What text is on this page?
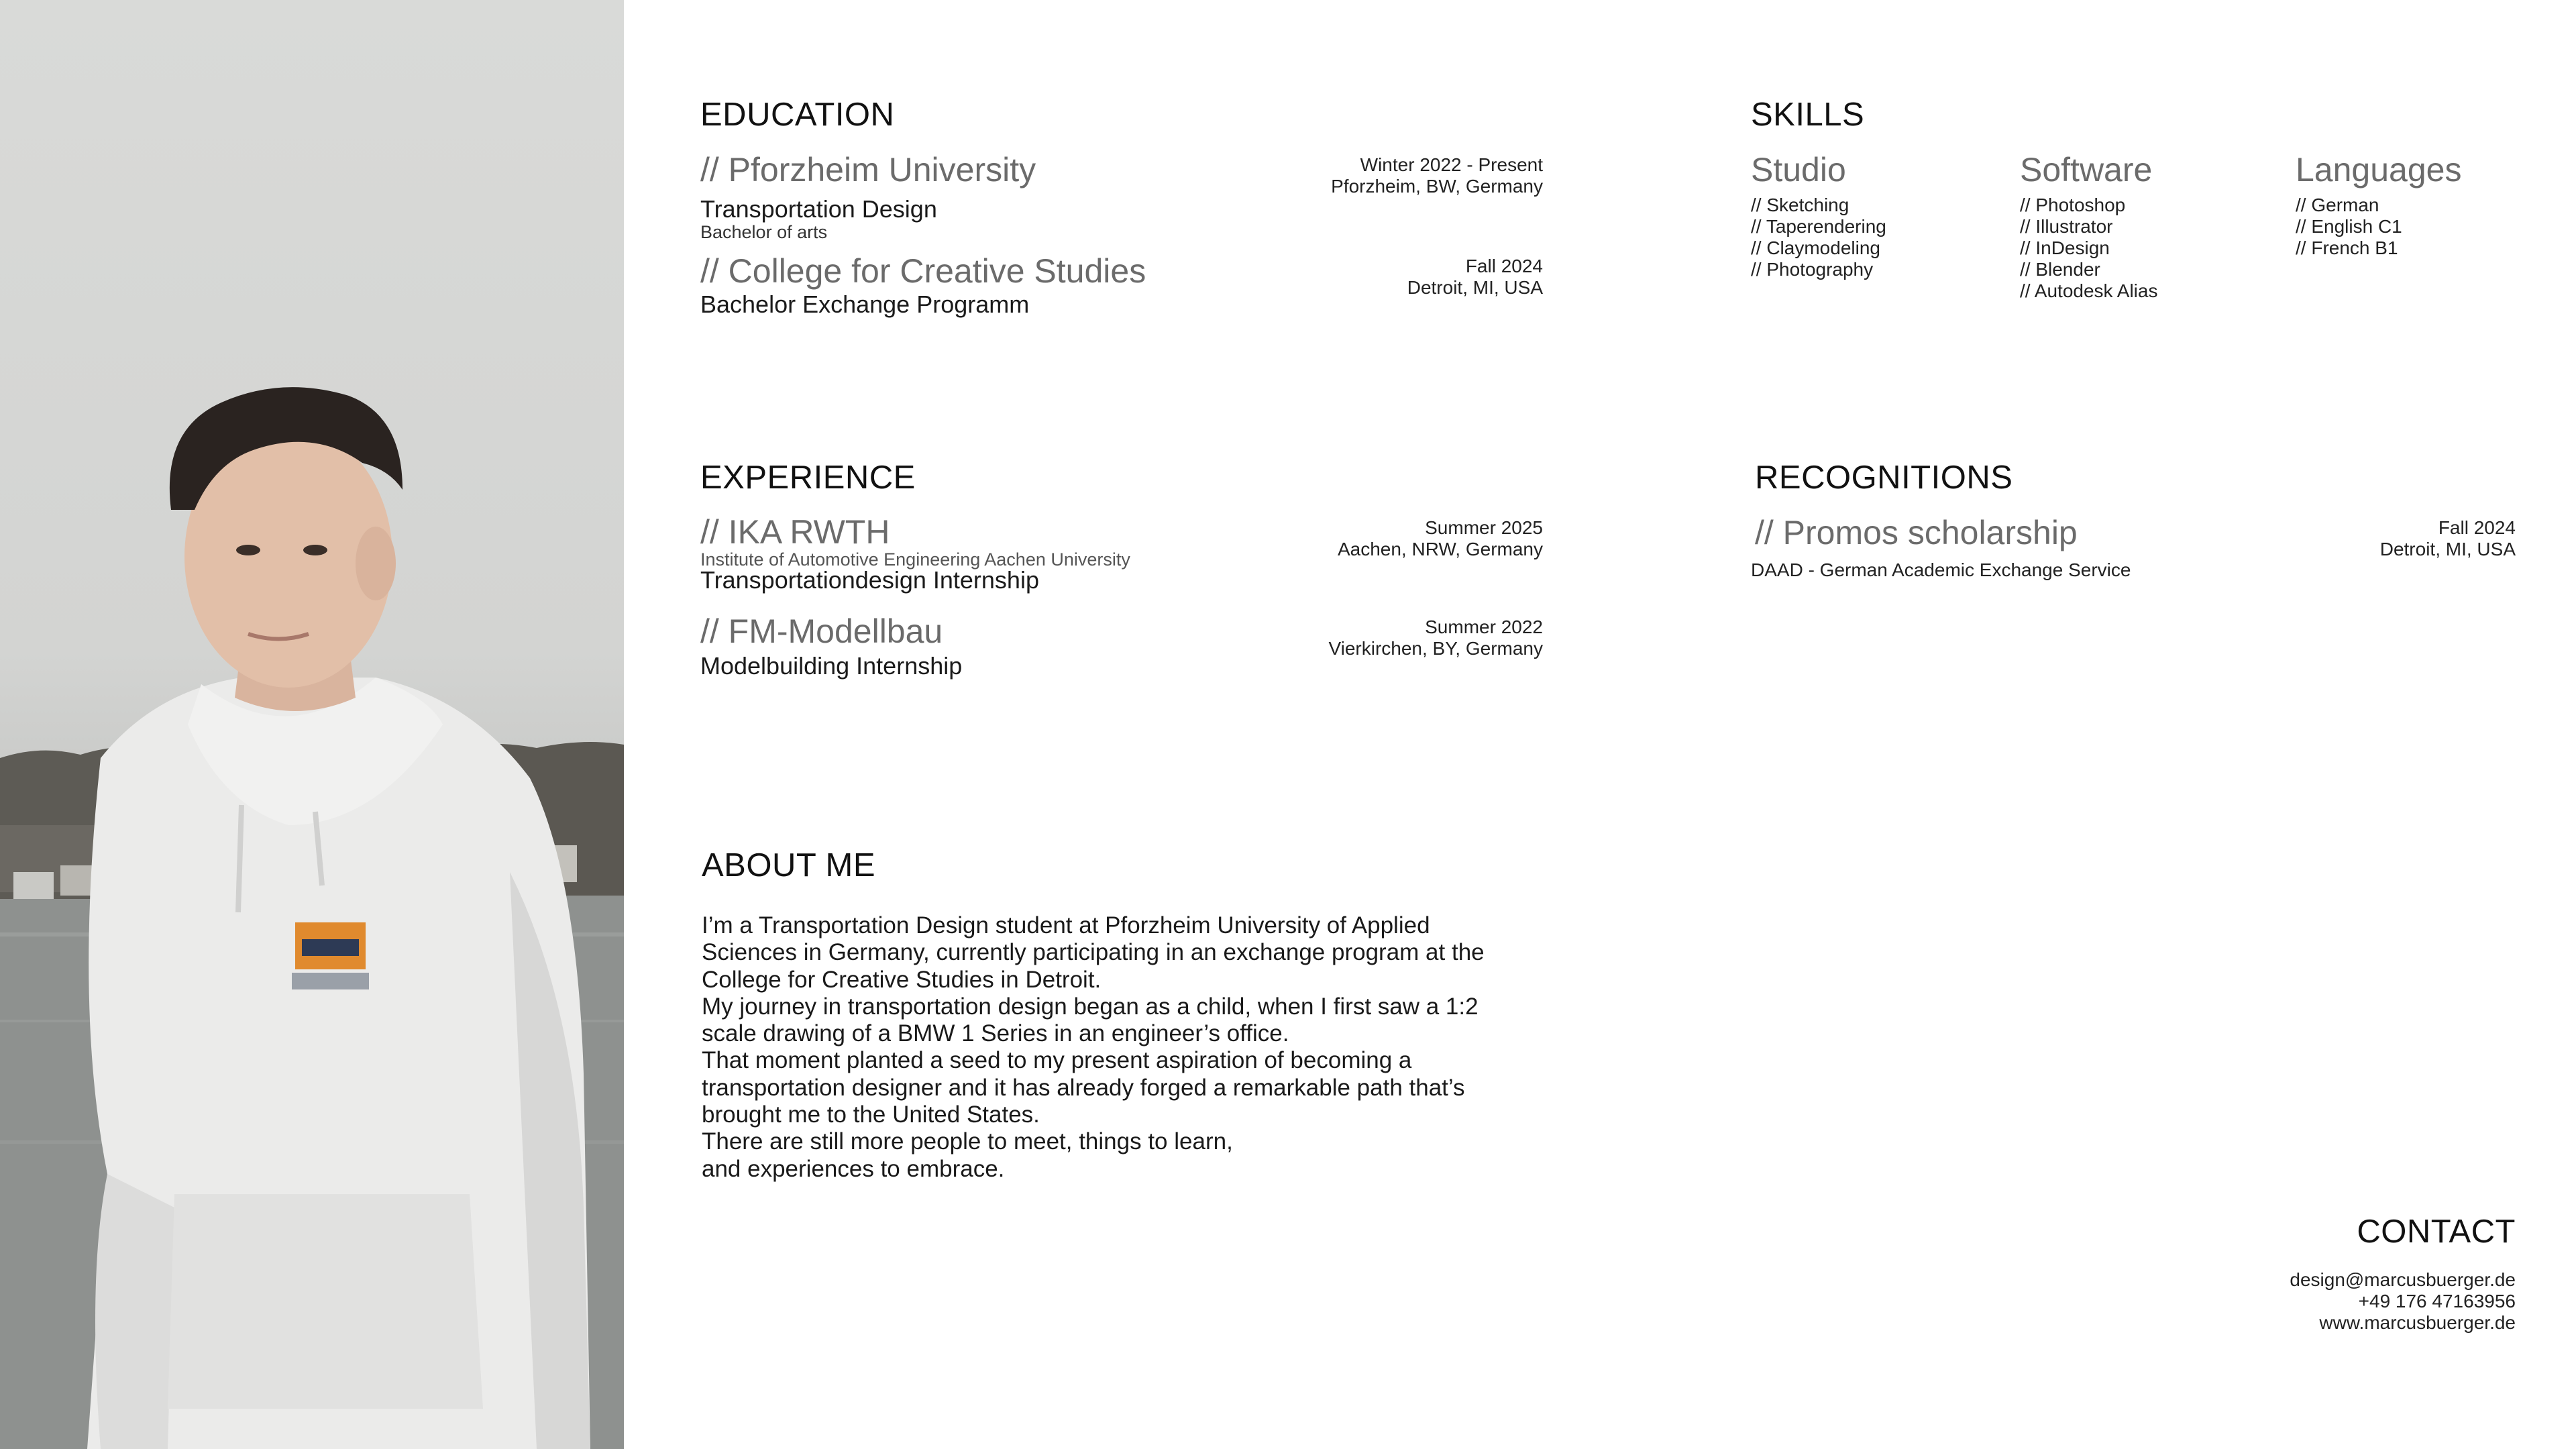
EDUCATION
// Pforzheim University
Transportation Design
Bachelor of arts
Winter 2022 - Present
Pforzheim, BW, Germany
// College for Creative Studies
Bachelor Exchange Programm
Fall 2024
Detroit, MI, USA
SKILLS
Studio
// Sketching
// Taperendering
// Claymodeling
// Photography
Software
// Photoshop
// Illustrator
// InDesign
// Blender
// Autodesk Alias
Languages
// German
// English C1
// French B1
EXPERIENCE
// IKA RWTH
Institute of Automotive Engineering Aachen University
Transportationdesign Internship
Summer 2025
Aachen, NRW, Germany
// FM-Modellbau
Modelbuilding Internship
Summer 2022
Vierkirchen, BY, Germany
RECOGNITIONS
// Promos scholarship
DAAD - German Academic Exchange Service
Fall 2024
Detroit, MI, USA
ABOUT ME

I’m a Transportation Design student at Pforzheim University of Applied

Sciences in Germany, currently participating in an exchange program at the

College for Creative Studies in Detroit.

My journey in transportation design began as a child, when I first saw a 1:2

scale drawing of a BMW 1 Series in an engineer’s office.

That moment planted a seed to my present aspiration of becoming a

transportation designer and it has already forged a remarkable path that’s

brought me to the United States.

There are still more people to meet, things to learn,

and experiences to embrace.

CONTACT
design@marcusbuerger.de
+49 176 47163956
www.marcusbuerger.de
